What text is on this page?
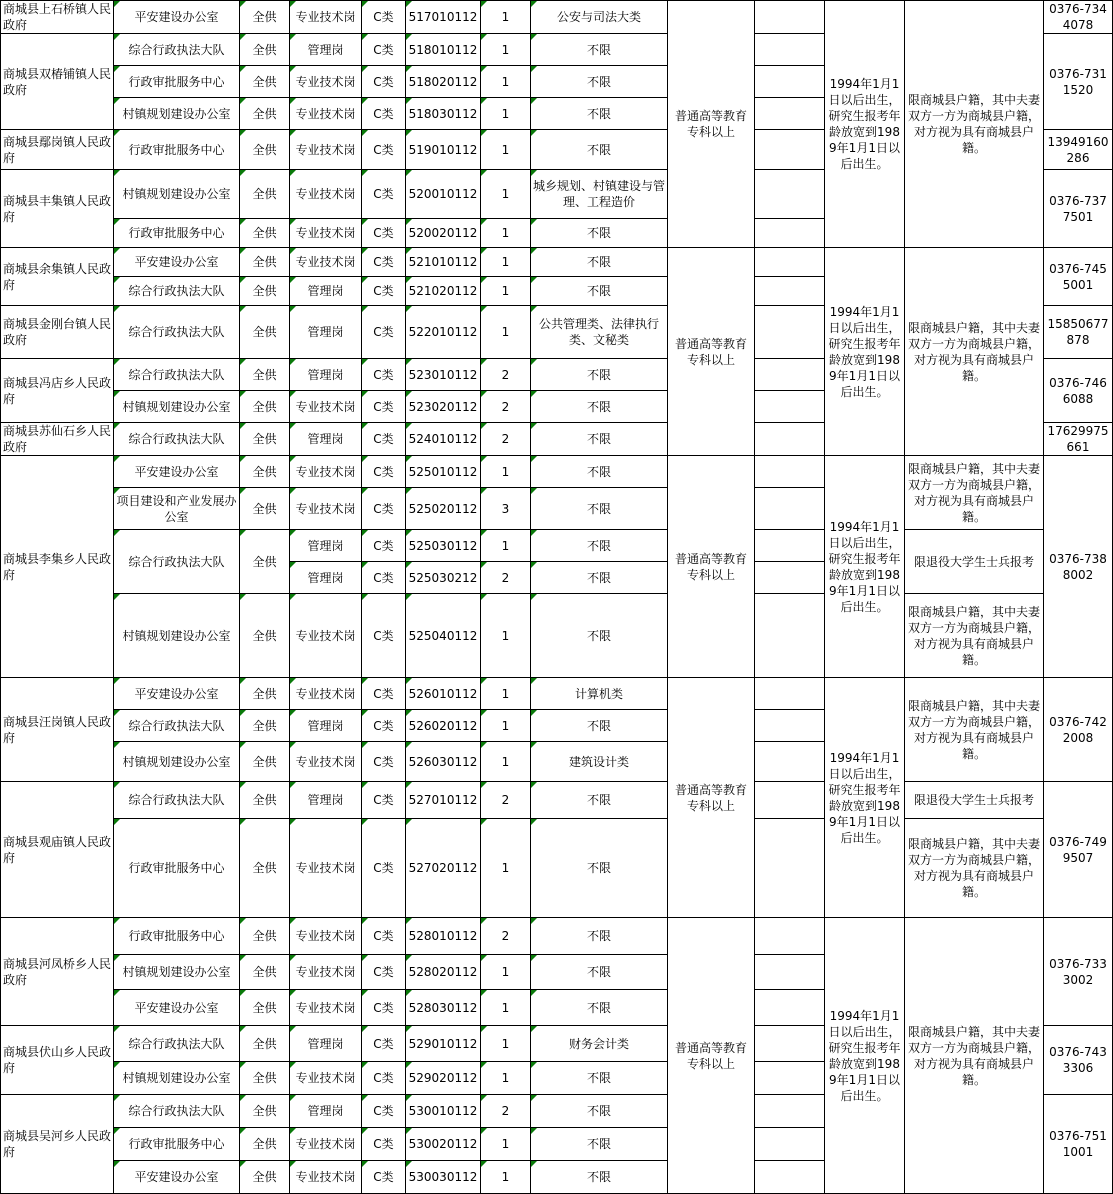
商城县上石桥镇人民政府	平安建设办公室	全供	专业技术岗	C类	517010112	1	公安与司法大类	普通高等教育专科以上		1994年1月1日以后出生，研究生报考年龄放宽到1989年1月1日以后出生。	限商城县户籍，其中夫妻双方一方为商城县户籍，对方视为具有商城县户籍。	0376-7344078
商城县双椿铺镇人民政府	综合行政执法大队	全供	管理岗	C类	518010112	1	不限					0376-7311520
	行政审批服务中心	全供	专业技术岗	C类	518020112	1	不限					
	村镇规划建设办公室	全供	专业技术岗	C类	518030112	1	不限					
商城县鄢岗镇人民政府	行政审批服务中心	全供	专业技术岗	C类	519010112	1	不限					13949160286
商城县丰集镇人民政府	村镇规划建设办公室	全供	专业技术岗	C类	520010112	1	城乡规划、村镇建设与管理、工程造价					0376-7377501
	行政审批服务中心	全供	专业技术岗	C类	520020112	1	不限					
商城县余集镇人民政府	平安建设办公室	全供	专业技术岗	C类	521010112	1	不限	普通高等教育专科以上		1994年1月1日以后出生，研究生报考年龄放宽到1989年1月1日以后出生。	限商城县户籍，其中夫妻双方一方为商城县户籍，对方视为具有商城县户籍。	0376-7455001
	综合行政执法大队	全供	管理岗	C类	521020112	1	不限					
商城县金刚台镇人民政府	综合行政执法大队	全供	管理岗	C类	522010112	1	公共管理类、法律执行类、文秘类					15850677878
商城县冯店乡人民政府	综合行政执法大队	全供	管理岗	C类	523010112	2	不限					0376-7466088
	村镇规划建设办公室	全供	专业技术岗	C类	523020112	2	不限					
商城县苏仙石乡人民政府	综合行政执法大队	全供	管理岗	C类	524010112	2	不限					17629975661
商城县李集乡人民政府	平安建设办公室	全供	专业技术岗	C类	525010112	1	不限	普通高等教育专科以上		1994年1月1日以后出生，研究生报考年龄放宽到1989年1月1日以后出生。	限商城县户籍，其中夫妻双方一方为商城县户籍，对方视为具有商城县户籍。	0376-7388002
	项目建设和产业发展办公室	全供	专业技术岗	C类	525020112	3	不限					
	综合行政执法大队	全供	管理岗	C类	525030112	1	不限				限退役大学生士兵报考	
			管理岗	C类	525030212	2	不限					
	村镇规划建设办公室	全供	专业技术岗	C类	525040112	1	不限				限商城县户籍，其中夫妻双方一方为商城县户籍，对方视为具有商城县户籍。	
商城县汪岗镇人民政府	平安建设办公室	全供	专业技术岗	C类	526010112	1	计算机类	普通高等教育专科以上		1994年1月1日以后出生，研究生报考年龄放宽到1989年1月1日以后出生。	限商城县户籍，其中夫妻双方一方为商城县户籍，对方视为具有商城县户籍。	0376-7422008
	综合行政执法大队	全供	管理岗	C类	526020112	1	不限					
	村镇规划建设办公室	全供	专业技术岗	C类	526030112	1	建筑设计类					
商城县观庙镇人民政府	综合行政执法大队	全供	管理岗	C类	527010112	2	不限				限退役大学生士兵报考	0376-7499507
	行政审批服务中心	全供	专业技术岗	C类	527020112	1	不限				限商城县户籍，其中夫妻双方一方为商城县户籍，对方视为具有商城县户籍。	
商城县河凤桥乡人民政府	行政审批服务中心	全供	专业技术岗	C类	528010112	2	不限	普通高等教育专科以上		1994年1月1日以后出生，研究生报考年龄放宽到1989年1月1日以后出生。	限商城县户籍，其中夫妻双方一方为商城县户籍，对方视为具有商城县户籍。	0376-7333002
	村镇规划建设办公室	全供	专业技术岗	C类	528020112	1	不限					
	平安建设办公室	全供	专业技术岗	C类	528030112	1	不限					
商城县伏山乡人民政府	综合行政执法大队	全供	管理岗	C类	529010112	1	财务会计类					0376-7433306
	村镇规划建设办公室	全供	专业技术岗	C类	529020112	1	不限					
商城县吴河乡人民政府	综合行政执法大队	全供	管理岗	C类	530010112	2	不限					0376-7511001
	行政审批服务中心	全供	专业技术岗	C类	530020112	1	不限					
	平安建设办公室	全供	专业技术岗	C类	530030112	1	不限					
